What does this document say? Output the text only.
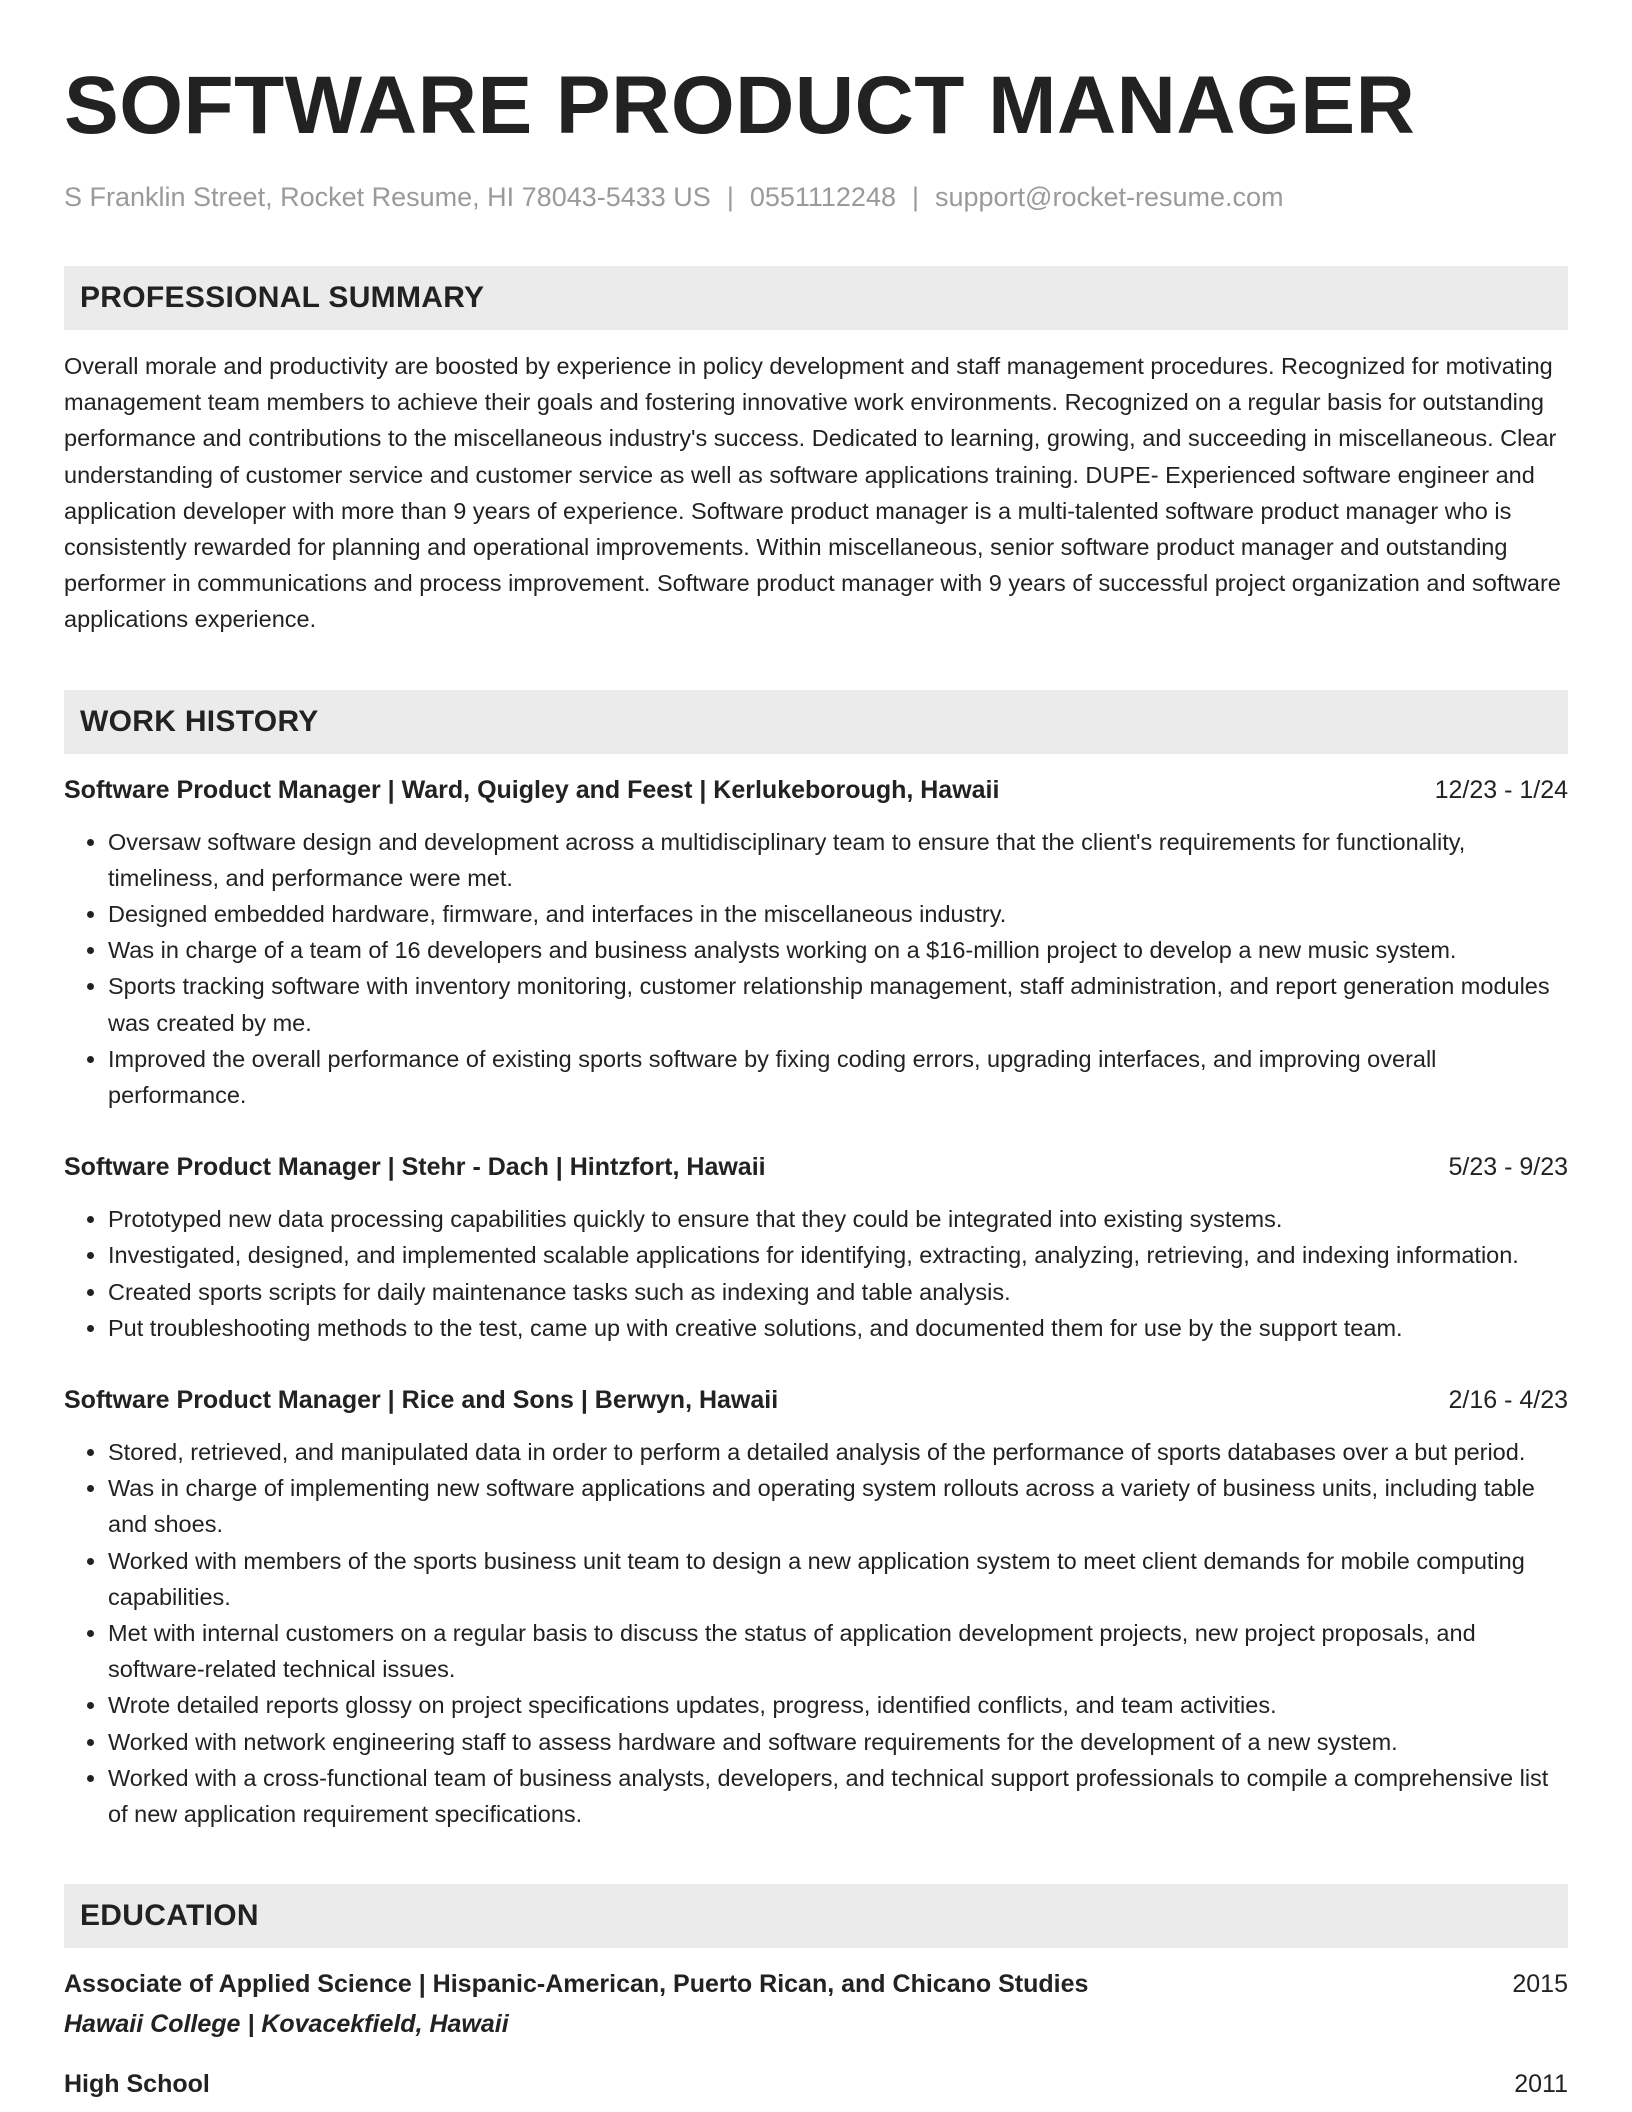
SOFTWARE PRODUCT MANAGER
S Franklin Street, Rocket Resume, HI 78043-5433 US | 0551112248 | support@rocket-resume.com
PROFESSIONAL SUMMARY

Overall morale and productivity are boosted by experience in policy development and staff management procedures. Recognized for motivating management team members to achieve their goals and fostering innovative work environments. Recognized on a regular basis for outstanding performance and contributions to the miscellaneous industry's success. Dedicated to learning, growing, and succeeding in miscellaneous. Clear understanding of customer service and customer service as well as software applications training. DUPE- Experienced software engineer and application developer with more than 9 years of experience. Software product manager is a multi-talented software product manager who is consistently rewarded for planning and operational improvements. Within miscellaneous, senior software product manager and outstanding performer in communications and process improvement. Software product manager with 9 years of successful project organization and software applications experience.

WORK HISTORY
Software Product Manager | Ward, Quigley and Feest | Kerlukeborough, Hawaii	12/23 - 1/24
• Oversaw software design and development across a multidisciplinary team to ensure that the client's requirements for functionality, timeliness, and performance were met.
• Designed embedded hardware, firmware, and interfaces in the miscellaneous industry.
• Was in charge of a team of 16 developers and business analysts working on a $16-million project to develop a new music system.
• Sports tracking software with inventory monitoring, customer relationship management, staff administration, and report generation modules was created by me.
• Improved the overall performance of existing sports software by fixing coding errors, upgrading interfaces, and improving overall performance.
Software Product Manager | Stehr - Dach | Hintzfort, Hawaii	5/23 - 9/23
• Prototyped new data processing capabilities quickly to ensure that they could be integrated into existing systems.
• Investigated, designed, and implemented scalable applications for identifying, extracting, analyzing, retrieving, and indexing information.
• Created sports scripts for daily maintenance tasks such as indexing and table analysis.
• Put troubleshooting methods to the test, came up with creative solutions, and documented them for use by the support team.
Software Product Manager | Rice and Sons | Berwyn, Hawaii	2/16 - 4/23
• Stored, retrieved, and manipulated data in order to perform a detailed analysis of the performance of sports databases over a but period.
• Was in charge of implementing new software applications and operating system rollouts across a variety of business units, including table and shoes.
• Worked with members of the sports business unit team to design a new application system to meet client demands for mobile computing capabilities.
• Met with internal customers on a regular basis to discuss the status of application development projects, new project proposals, and software-related technical issues.
• Wrote detailed reports glossy on project specifications updates, progress, identified conflicts, and team activities.
• Worked with network engineering staff to assess hardware and software requirements for the development of a new system.
• Worked with a cross-functional team of business analysts, developers, and technical support professionals to compile a comprehensive list of new application requirement specifications.
EDUCATION
Associate of Applied Science | Hispanic-American, Puerto Rican, and Chicano Studies	2015
Hawaii College | Kovacekfield, Hawaii
High School	2011
